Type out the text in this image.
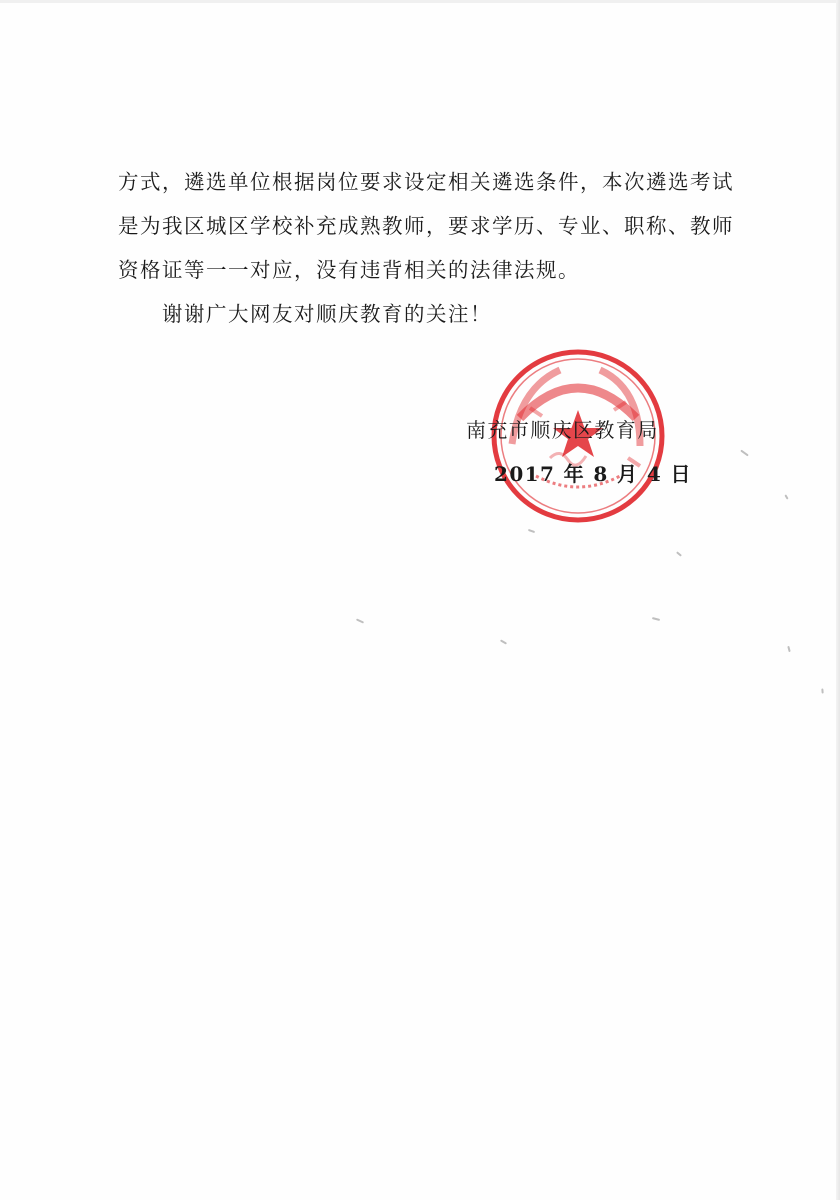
方式，遴选单位根据岗位要求设定相关遴选条件，本次遴选考试

是为我区城区学校补充成熟教师，要求学历、专业、职称、教师

资格证等一一对应，没有违背相关的法律法规。

谢谢广大网友对顺庆教育的关注！

南充市顺庆区教育局

2017 年 8 月 4 日
